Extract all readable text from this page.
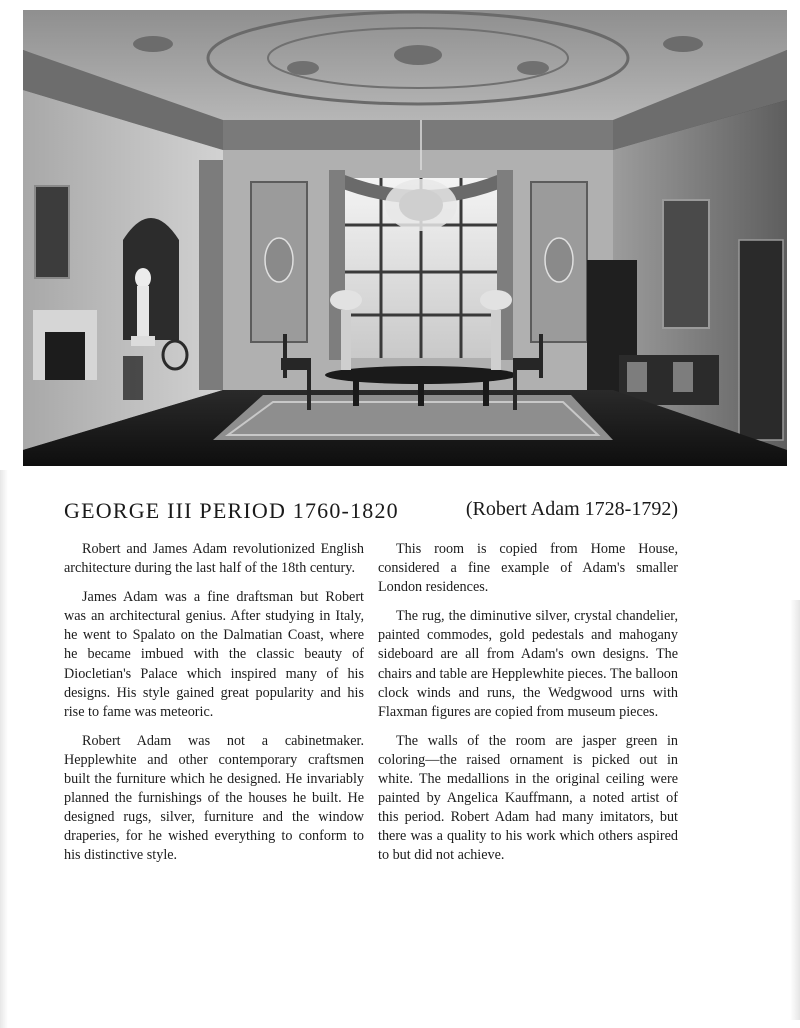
GEORGE III PERIOD 1760-1820	(Robert Adam 1728-1792)

Robert and James Adam revolutionized English architecture during the last half of the 18th century.

James Adam was a fine draftsman but Robert was an architectural genius. After studying in Italy, he went to Spalato on the Dalmatian Coast, where he became imbued with the classic beauty of Diocletian's Palace which inspired many of his designs. His style gained great popularity and his rise to fame was meteoric.

Robert Adam was not a cabinetmaker. Hepplewhite and other contemporary craftsmen built the furniture which he designed. He invariably planned the furnishings of the houses he built. He designed rugs, silver, furniture and the window draperies, for he wished everything to conform to his distinctive style.

This room is copied from Home House, considered a fine example of Adam's smaller London residences.

The rug, the diminutive silver, crystal chandelier, painted commodes, gold pedestals and mahogany sideboard are all from Adam's own designs. The chairs and table are Hepplewhite pieces. The balloon clock winds and runs, the Wedgwood urns with Flaxman figures are copied from museum pieces.

The walls of the room are jasper green in coloring—the raised ornament is picked out in white. The medallions in the original ceiling were painted by Angelica Kauffmann, a noted artist of this period. Robert Adam had many imitators, but there was a quality to his work which others aspired to but did not achieve.
